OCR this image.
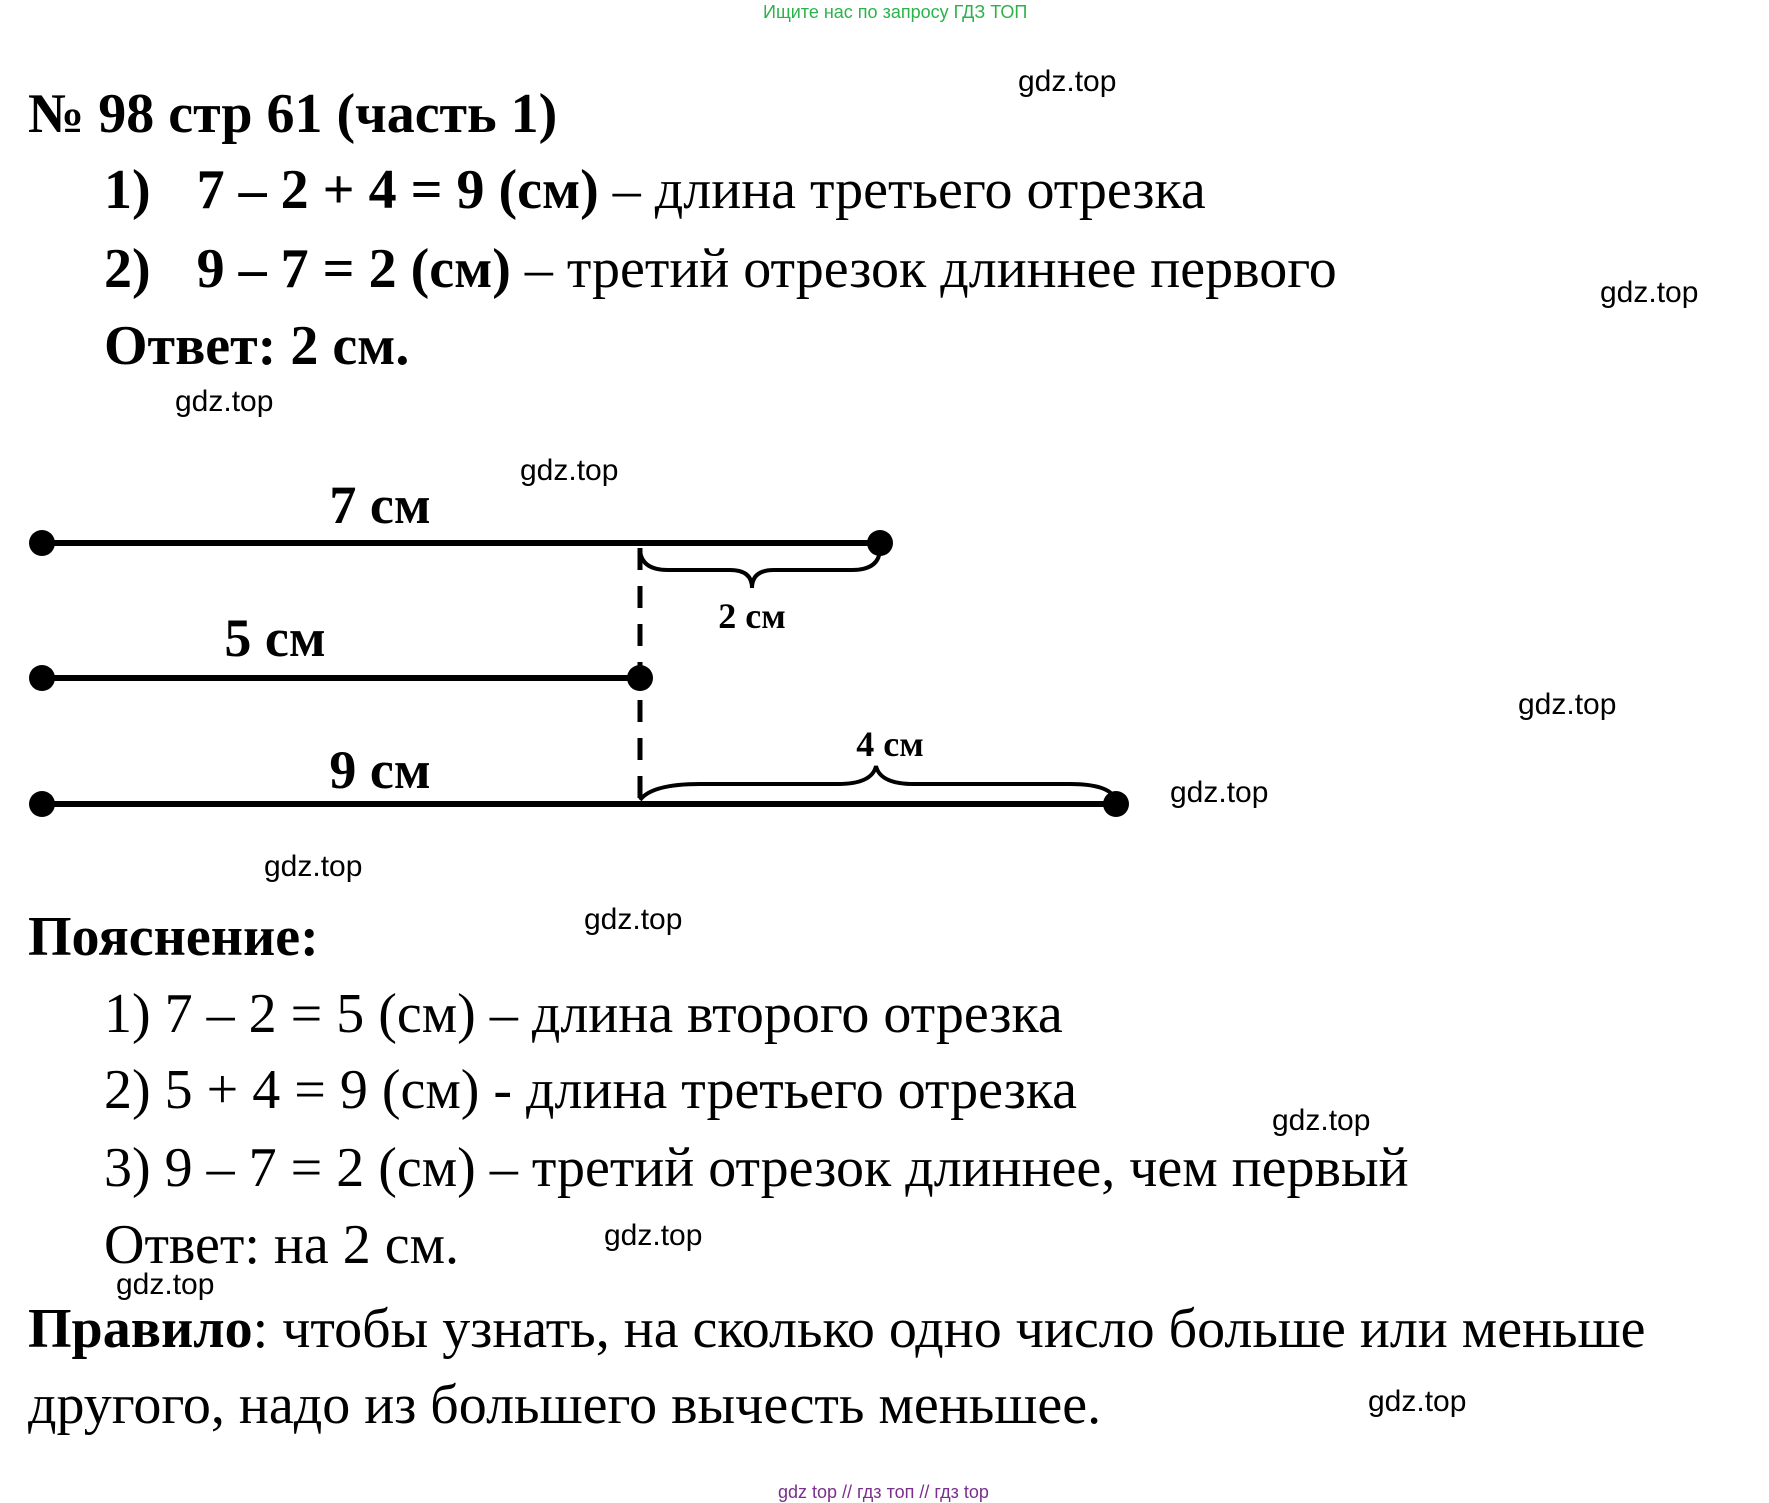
Ищите нас по запросу ГДЗ ТОП
№ 98 стр 61 (часть 1)
1) 7 – 2 + 4 = 9 (см) – длина третьего отрезка
2) 9 – 7 = 2 (см) – третий отрезок длиннее первого
Ответ: 2 см.
7 см
5 см
9 см
2 см
4 см
Пояснение:
1) 7 – 2 = 5 (см) – длина второго отрезка
2) 5 + 4 = 9 (см) - длина третьего отрезка
3) 9 – 7 = 2 (см) – третий отрезок длиннее, чем первый
Ответ: на 2 см.
Правило: чтобы узнать, на сколько одно число больше или меньше
другого, надо из большего вычесть меньшее.
gdz.top
gdz.top
gdz.top
gdz.top
gdz.top
gdz.top
gdz.top
gdz.top
gdz.top
gdz.top
gdz.top
gdz.top
gdz top // гдз топ // гдз top
